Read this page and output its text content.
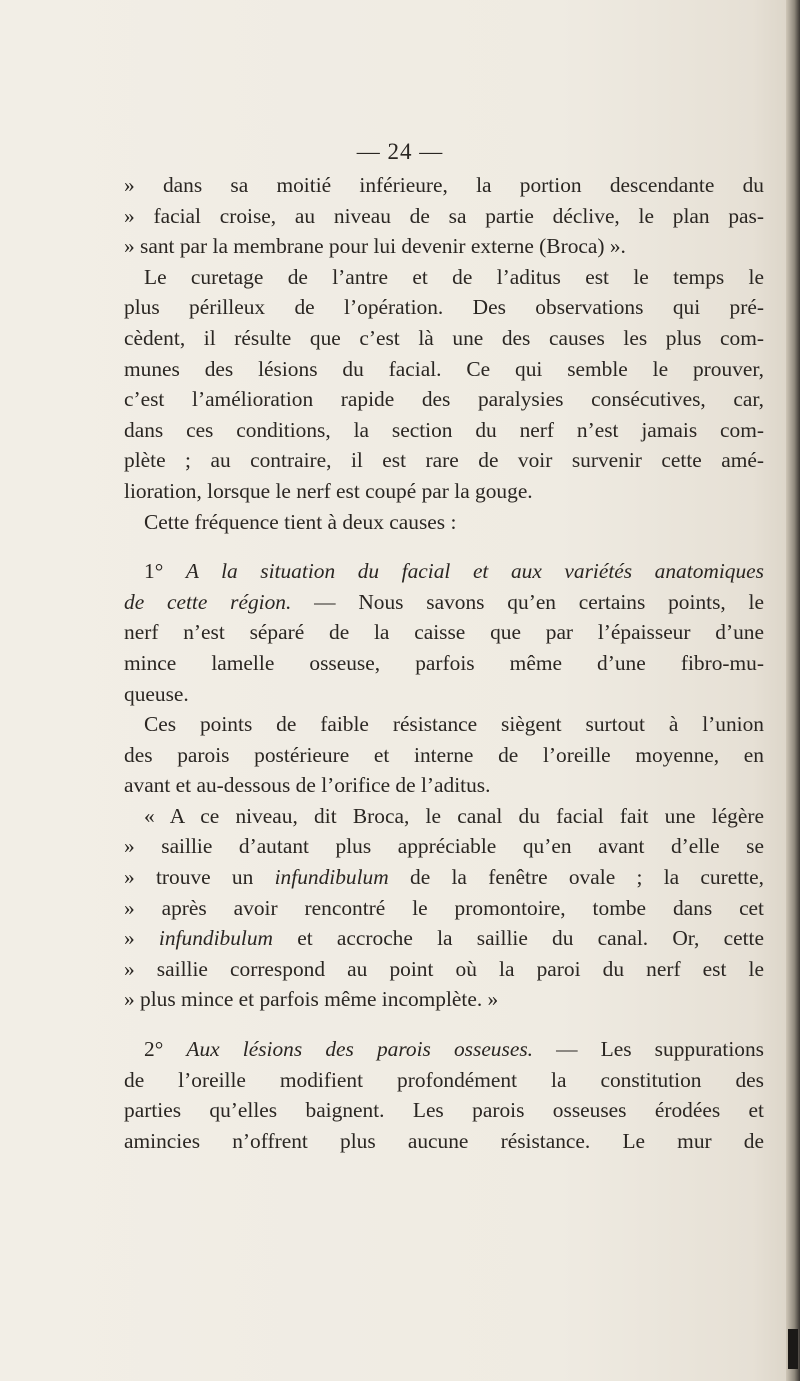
— 24 —

» dans sa moitié inférieure, la portion descendante du
» facial croise, au niveau de sa partie déclive, le plan pas-
» sant par la membrane pour lui devenir externe (Broca) ».

Le curetage de l’antre et de l’aditus est le temps le
plus périlleux de l’opération. Des observations qui pré-
cèdent, il résulte que c’est là une des causes les plus com-
munes des lésions du facial. Ce qui semble le prouver,
c’est l’amélioration rapide des paralysies consécutives, car,
dans ces conditions, la section du nerf n’est jamais com-
plète ; au contraire, il est rare de voir survenir cette amé-
lioration, lorsque le nerf est coupé par la gouge.

Cette fréquence tient à deux causes :

1° A la situation du facial et aux variétés anatomiques
de cette région. — Nous savons qu’en certains points, le
nerf n’est séparé de la caisse que par l’épaisseur d’une
mince lamelle osseuse, parfois même d’une fibro-mu-
queuse.

Ces points de faible résistance siègent surtout à l’union
des parois postérieure et interne de l’oreille moyenne, en
avant et au-dessous de l’orifice de l’aditus.

« A ce niveau, dit Broca, le canal du facial fait une légère
» saillie d’autant plus appréciable qu’en avant d’elle se
» trouve un infundibulum de la fenêtre ovale ; la curette,
» après avoir rencontré le promontoire, tombe dans cet
» infundibulum et accroche la saillie du canal. Or, cette
» saillie correspond au point où la paroi du nerf est le
» plus mince et parfois même incomplète. »

2° Aux lésions des parois osseuses. — Les suppurations
de l’oreille modifient profondément la constitution des
parties qu’elles baignent. Les parois osseuses érodées et
amincies n’offrent plus aucune résistance. Le mur de
